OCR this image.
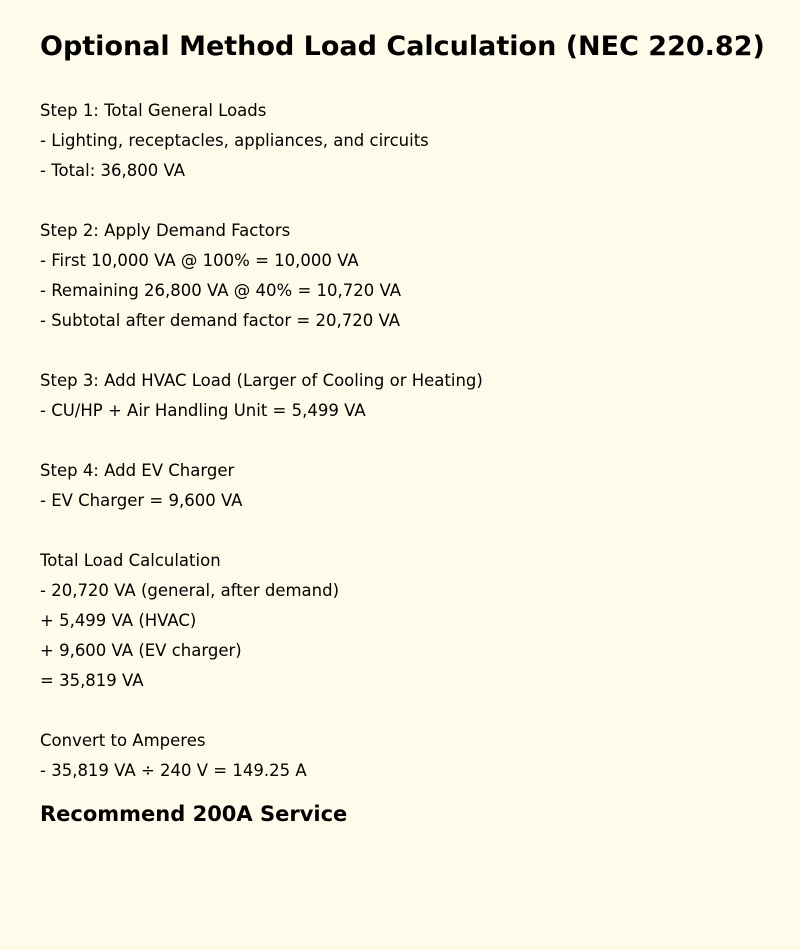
Optional Method Load Calculation (NEC 220.82)

Step 1: Total General Loads

- Lighting, receptacles, appliances, and circuits

- Total: 36,800 VA

Step 2: Apply Demand Factors

- First 10,000 VA @ 100% = 10,000 VA

- Remaining 26,800 VA @ 40% = 10,720 VA

- Subtotal after demand factor = 20,720 VA

Step 3: Add HVAC Load (Larger of Cooling or Heating)

- CU/HP + Air Handling Unit = 5,499 VA

Step 4: Add EV Charger

- EV Charger = 9,600 VA

Total Load Calculation

- 20,720 VA (general, after demand)

+ 5,499 VA (HVAC)

+ 9,600 VA (EV charger)

= 35,819 VA

Convert to Amperes

- 35,819 VA ÷ 240 V = 149.25 A

Recommend 200A Service
